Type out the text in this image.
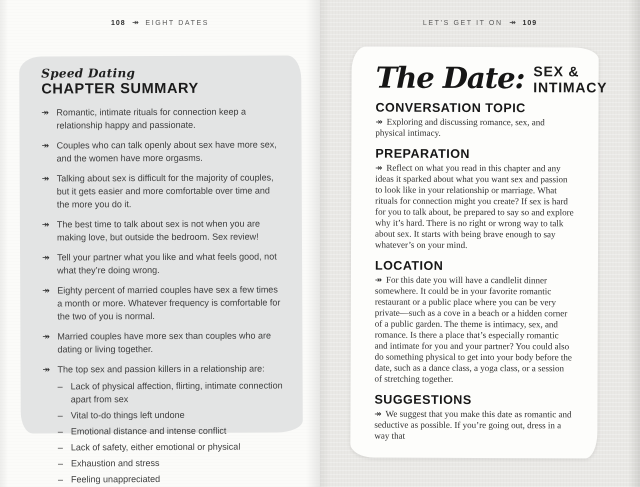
108 ↠ EIGHT DATES
Speed Dating
CHAPTER SUMMARY
↠ Romantic, intimate rituals for connection keep a relationship happy and passionate.
↠ Couples who can talk openly about sex have more sex, and the women have more orgasms.
↠ Talking about sex is difficult for the majority of couples, but it gets easier and more comfortable over time and the more you do it.
↠ The best time to talk about sex is not when you are making love, but outside the bedroom. Sex review!
↠ Tell your partner what you like and what feels good, not what they’re doing wrong.
↠ Eighty percent of married couples have sex a few times a month or more. Whatever frequency is comfortable for the two of you is normal.
↠ Married couples have more sex than couples who are dating or living together.
↠ The top sex and passion killers in a relationship are:
– Lack of physical affection, flirting, intimate connection apart from sex
– Vital to-do things left undone
– Emotional distance and intense conflict
– Lack of safety, either emotional or physical
– Exhaustion and stress
– Feeling unappreciated
LET’S GET IT ON ↠ 109
The Date: SEX &
INTIMACY
CONVERSATION TOPIC

↠ Exploring and discussing romance, sex, and physical intimacy.

PREPARATION

↠ Reflect on what you read in this chapter and any ideas it sparked about what you want sex and passion to look like in your relationship or marriage. What rituals for connection might you create? If sex is hard for you to talk about, be prepared to say so and explore why it’s hard. There is no right or wrong way to talk about sex. It starts with being brave enough to say whatever’s on your mind.

LOCATION

↠ For this date you will have a candlelit dinner somewhere. It could be in your favorite romantic restaurant or a public place where you can be very private—such as a cove in a beach or a hidden corner of a public garden. The theme is intimacy, sex, and romance. Is there a place that’s especially romantic and intimate for you and your partner? You could also do something physical to get into your body before the date, such as a dance class, a yoga class, or a session of stretching together.

SUGGESTIONS

↠ We suggest that you make this date as romantic and seductive as possible. If you’re going out, dress in a way that
